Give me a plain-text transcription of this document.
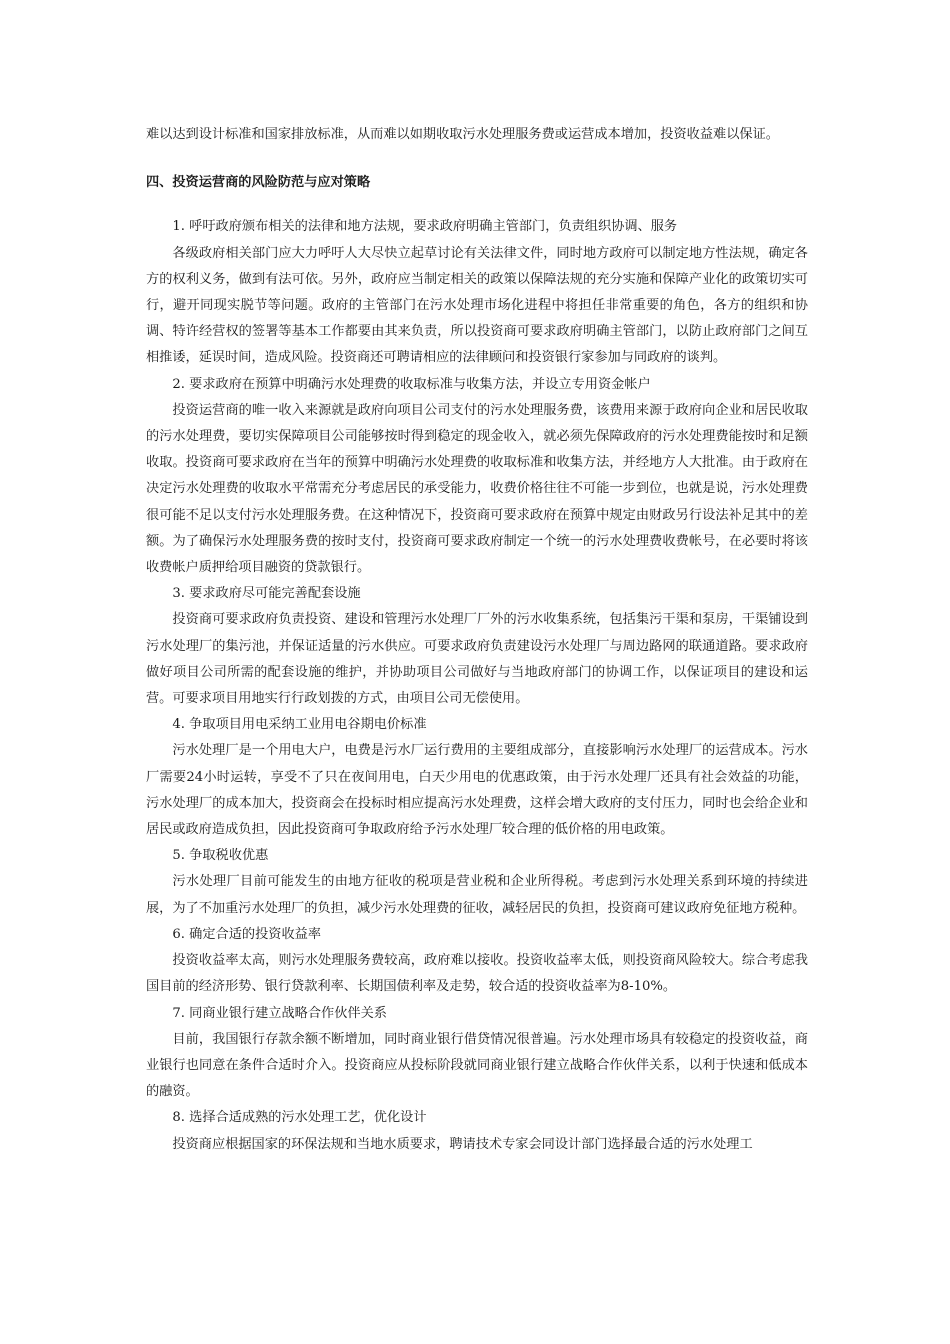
难以达到设计标准和国家排放标准，从而难以如期收取污水处理服务费或运营成本增加，投资收益难以保证。

四、投资运营商的风险防范与应对策略

1. 呼吁政府颁布相关的法律和地方法规，要求政府明确主管部门，负责组织协调、服务

各级政府相关部门应大力呼吁人大尽快立起草讨论有关法律文件，同时地方政府可以制定地方性法规，确定各方的权利义务，做到有法可依。另外，政府应当制定相关的政策以保障法规的充分实施和保障产业化的政策切实可行，避开同现实脱节等问题。政府的主管部门在污水处理市场化进程中将担任非常重要的角色，各方的组织和协调、特许经营权的签署等基本工作都要由其来负责，所以投资商可要求政府明确主管部门，以防止政府部门之间互相推诿，延误时间，造成风险。投资商还可聘请相应的法律顾问和投资银行家参加与同政府的谈判。

2. 要求政府在预算中明确污水处理费的收取标准与收集方法，并设立专用资金帐户

投资运营商的唯一收入来源就是政府向项目公司支付的污水处理服务费，该费用来源于政府向企业和居民收取的污水处理费，要切实保障项目公司能够按时得到稳定的现金收入，就必须先保障政府的污水处理费能按时和足额收取。投资商可要求政府在当年的预算中明确污水处理费的收取标准和收集方法，并经地方人大批准。由于政府在决定污水处理费的收取水平常需充分考虑居民的承受能力，收费价格往往不可能一步到位，也就是说，污水处理费很可能不足以支付污水处理服务费。在这种情况下，投资商可要求政府在预算中规定由财政另行设法补足其中的差额。为了确保污水处理服务费的按时支付，投资商可要求政府制定一个统一的污水处理费收费帐号，在必要时将该收费帐户质押给项目融资的贷款银行。

3. 要求政府尽可能完善配套设施

投资商可要求政府负责投资、建设和管理污水处理厂厂外的污水收集系统，包括集污干渠和泵房，干渠铺设到污水处理厂的集污池，并保证适量的污水供应。可要求政府负责建设污水处理厂与周边路网的联通道路。要求政府做好项目公司所需的配套设施的维护，并协助项目公司做好与当地政府部门的协调工作，以保证项目的建设和运营。可要求项目用地实行行政划拨的方式，由项目公司无偿使用。

4. 争取项目用电采纳工业用电谷期电价标准

污水处理厂是一个用电大户，电费是污水厂运行费用的主要组成部分，直接影响污水处理厂的运营成本。污水厂需要24小时运转，享受不了只在夜间用电，白天少用电的优惠政策，由于污水处理厂还具有社会效益的功能，污水处理厂的成本加大，投资商会在投标时相应提高污水处理费，这样会增大政府的支付压力，同时也会给企业和居民或政府造成负担，因此投资商可争取政府给予污水处理厂较合理的低价格的用电政策。

5. 争取税收优惠

污水处理厂目前可能发生的由地方征收的税项是营业税和企业所得税。考虑到污水处理关系到环境的持续进展，为了不加重污水处理厂的负担，减少污水处理费的征收，减轻居民的负担，投资商可建议政府免征地方税种。

6. 确定合适的投资收益率

投资收益率太高，则污水处理服务费较高，政府难以接收。投资收益率太低，则投资商风险较大。综合考虑我国目前的经济形势、银行贷款利率、长期国债利率及走势，较合适的投资收益率为8-10%。

7. 同商业银行建立战略合作伙伴关系

目前，我国银行存款余额不断增加，同时商业银行借贷情况很普遍。污水处理市场具有较稳定的投资收益，商业银行也同意在条件合适时介入。投资商应从投标阶段就同商业银行建立战略合作伙伴关系，以利于快速和低成本的融资。

8. 选择合适成熟的污水处理工艺，优化设计

投资商应根据国家的环保法规和当地水质要求，聘请技术专家会同设计部门选择最合适的污水处理工
